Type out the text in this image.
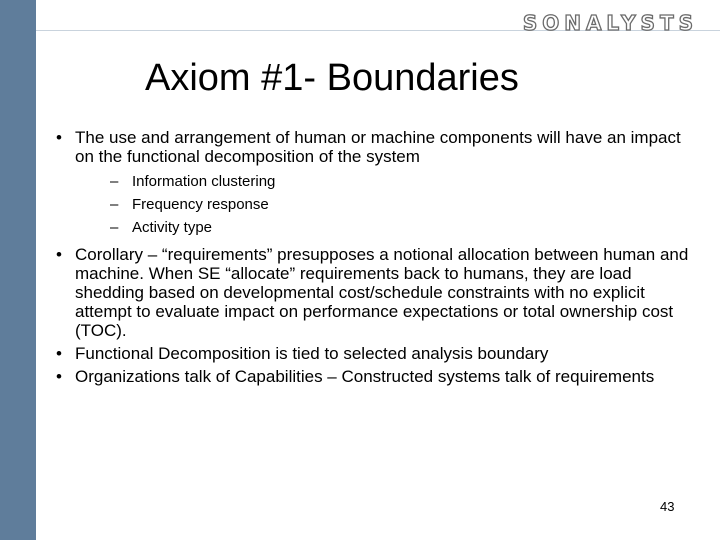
SONALYSTS
Axiom #1- Boundaries
• The use and arrangement of human or machine components will have an impact on the functional decomposition of the system
– Information clustering
– Frequency response
– Activity type
• Corollary – “requirements” presupposes a notional allocation between human and machine. When SE “allocate” requirements back to humans, they are load shedding based on developmental cost/schedule constraints with no explicit attempt to evaluate impact on performance expectations or total ownership cost (TOC).
• Functional Decomposition is tied to selected analysis boundary
• Organizations talk of Capabilities – Constructed systems talk of requirements
43
